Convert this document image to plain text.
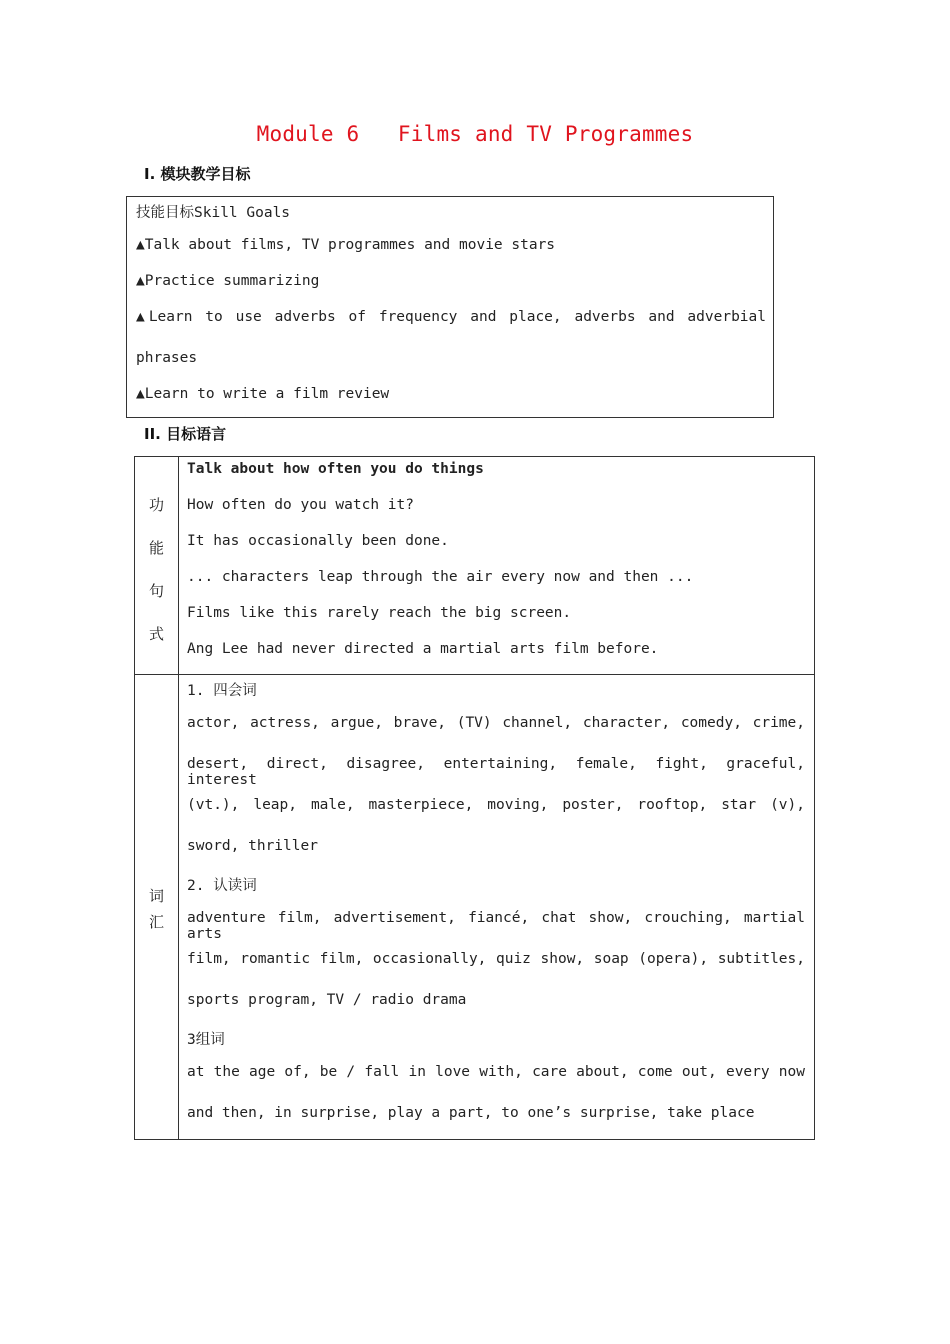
Module 6   Films and TV Programmes
I. 模块教学目标
技能目标Skill Goals
▲Talk about films, TV programmes and movie stars
▲Practice summarizing
▲Learn to use adverbs of frequency and place, adverbs and adverbial
phrases
▲Learn to write a film review
II. 目标语言
功
能
句
式
Talk about how often you do things
How often do you watch it?
It has occasionally been done.
... characters leap through the air every now and then ...
Films like this rarely reach the big screen.
Ang Lee had never directed a martial arts film before.
词
汇
1. 四会词
actor, actress, argue, brave, (TV) channel, character, comedy, crime,
desert, direct, disagree, entertaining, female, fight, graceful, interest
(vt.), leap, male, masterpiece, moving, poster, rooftop, star (v),
sword, thriller
2. 认读词
adventure film, advertisement, fiancé, chat show, crouching, martial arts
film, romantic film, occasionally, quiz show, soap (opera), subtitles,
sports program, TV / radio drama
3组词
at the age of, be / fall in love with, care about, come out, every now
and then, in surprise, play a part, to one’s surprise, take place
